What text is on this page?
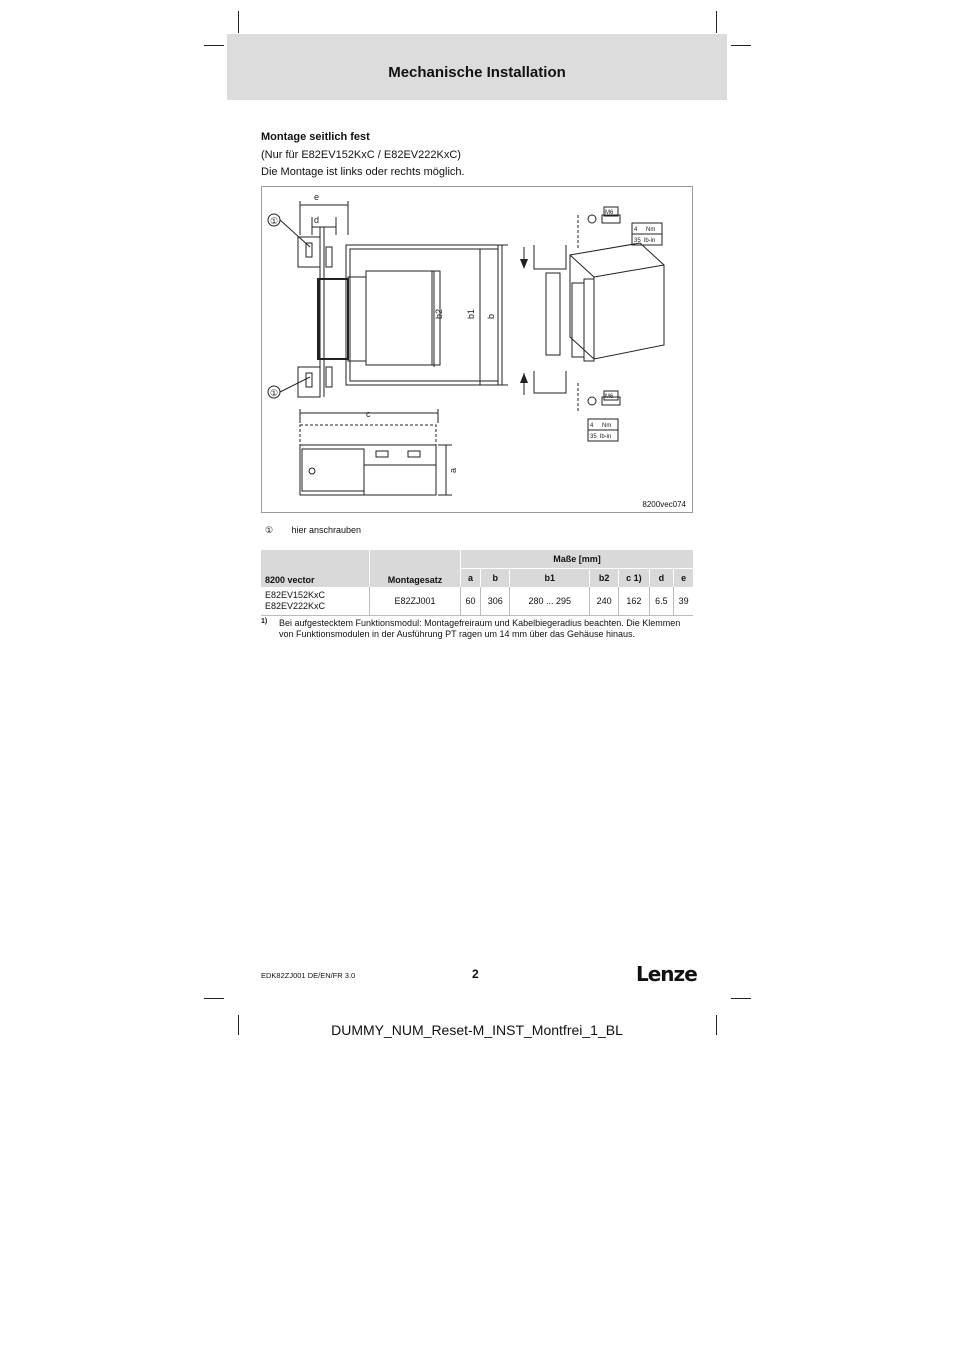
Mechanische Installation
Montage seitlich fest
(Nur für E82EV152KxC / E82EV222KxC)
Die Montage ist links oder rechts möglich.
e
d
①
①
b2 b1 b
c
a
M6
4 Nm
35 lb-in
M6
4 Nm
35 lb-in
8200vec074
① hier anschrauben
8200 vector	Montagesatz	Maße [mm]						
		a	b	b1	b2	c 1)	d	e

E82EV152KxC
E82EV222KxC	E82ZJ001	60	306	280 ... 295	240	162	6.5	39
1) Bei aufgestecktem Funktionsmodul: Montagefreiraum und Kabelbiegeradius beachten. Die Klemmen von Funktionsmodulen in der Ausführung PT ragen um 14 mm über das Gehäuse hinaus.
EDK82ZJ001 DE/EN/FR 3.0	2	Lenze
DUMMY_NUM_Reset-M_INST_Montfrei_1_BL
